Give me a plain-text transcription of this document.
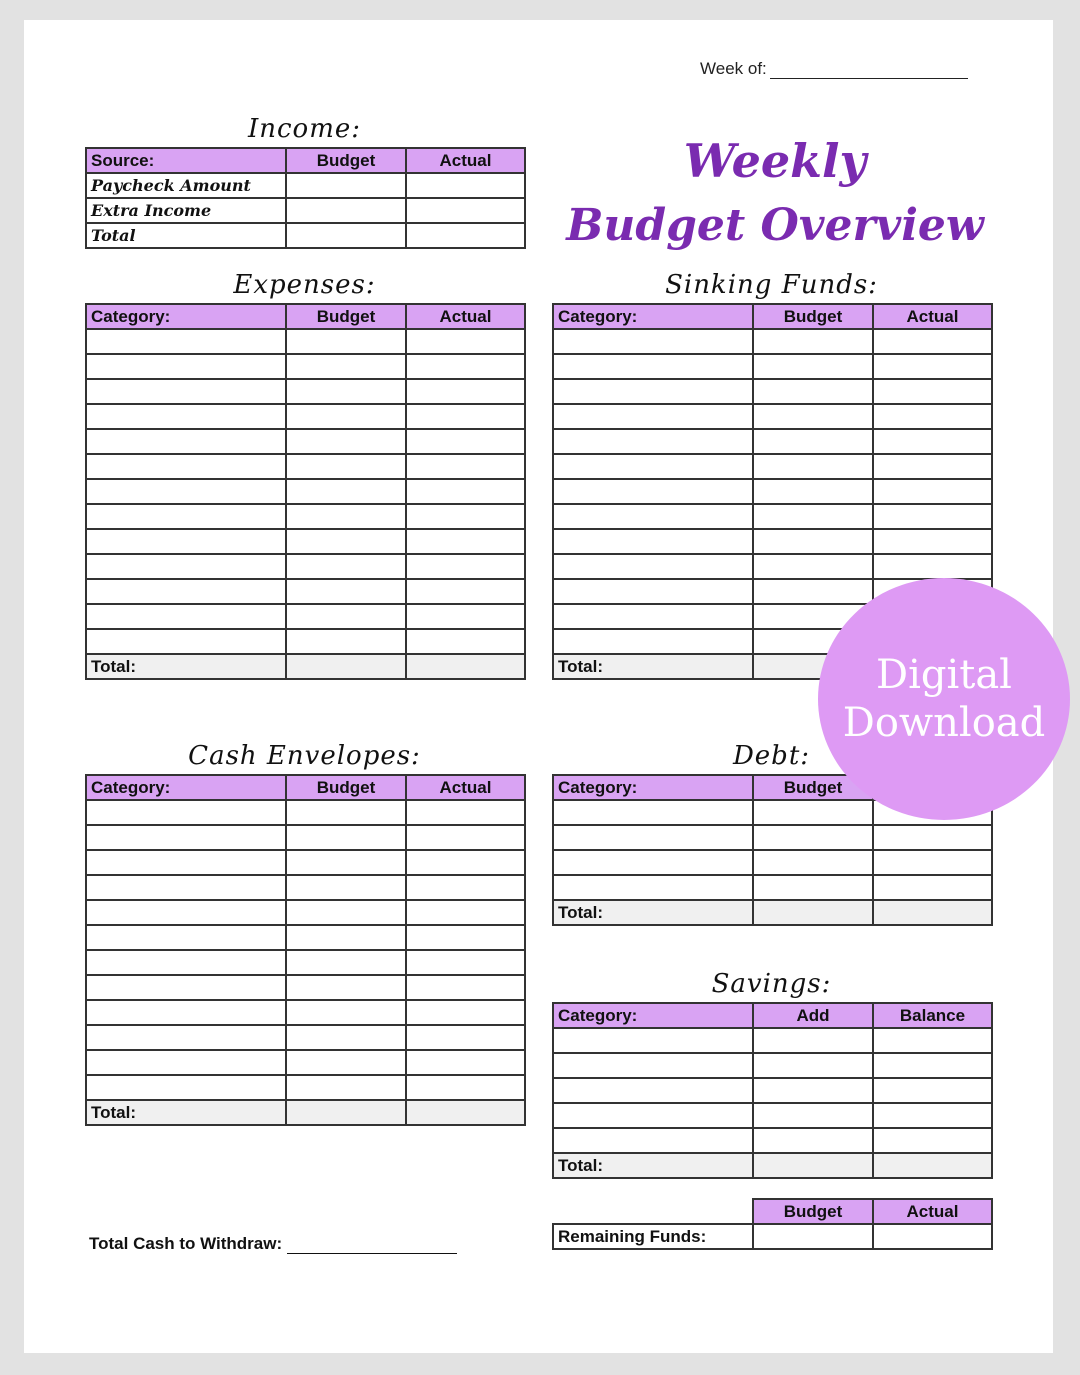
Week of:
Weekly
Budget Overview
Income:
Source:	Budget	Actual
Paycheck Amount		
Extra Income		
Total		
Expenses:
Category:	Budget	Actual

Total:		
Sinking Funds:
Category:	Budget	Actual

Total:		
Cash Envelopes:
Category:	Budget	Actual

Total:		
Debt:
Category:	Budget	

Total:		
Savings:
Category:	Add	Balance

Total:		
	Budget	Actual
Remaining Funds:		
Total Cash to Withdraw:
Digital
Download
